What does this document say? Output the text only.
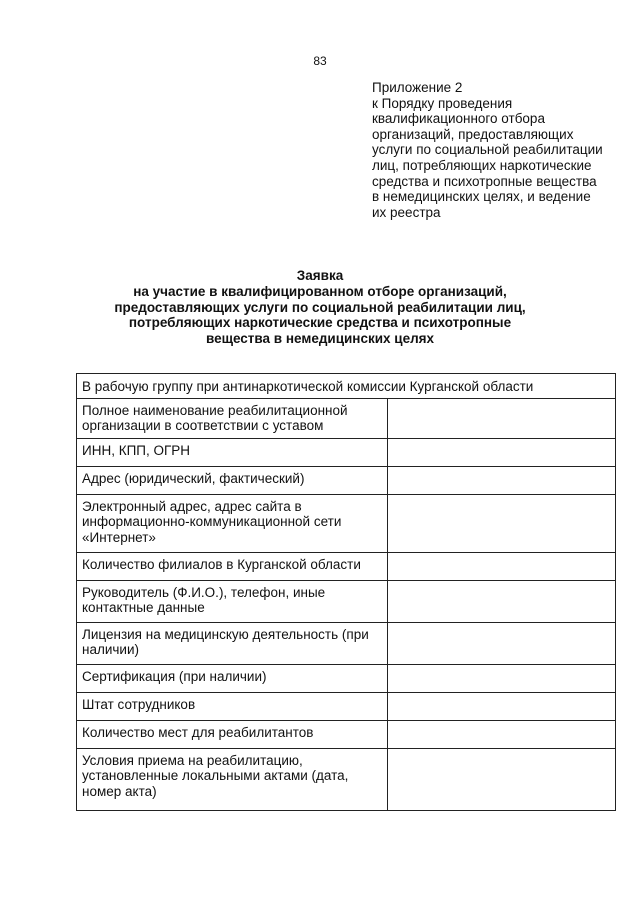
83
Приложение 2
к Порядку проведения
квалификационного отбора
организаций, предоставляющих
услуги по социальной реабилитации
лиц, потребляющих наркотические
средства и психотропные вещества
в немедицинских целях, и ведение
их реестра
Заявка
на участие в квалифицированном отборе организаций,
предоставляющих услуги по социальной реабилитации лиц,
потребляющих наркотические средства и психотропные
вещества в немедицинских целях
В рабочую группу при антинаркотической комиссии Курганской области	

Полное наименование реабилитационной
организации в соответствии с уставом	

ИНН, КПП, ОГРН	

Адрес (юридический, фактический)	

Электронный адрес, адрес сайта в
информационно-коммуникационной сети
«Интернет»	

Количество филиалов в Курганской области	

Руководитель (Ф.И.О.), телефон, иные
контактные данные	

Лицензия на медицинскую деятельность (при
наличии)	

Сертификация (при наличии)	

Штат сотрудников	

Количество мест для реабилитантов	

Условия приема на реабилитацию,
установленные локальными актами (дата,
номер акта)	
